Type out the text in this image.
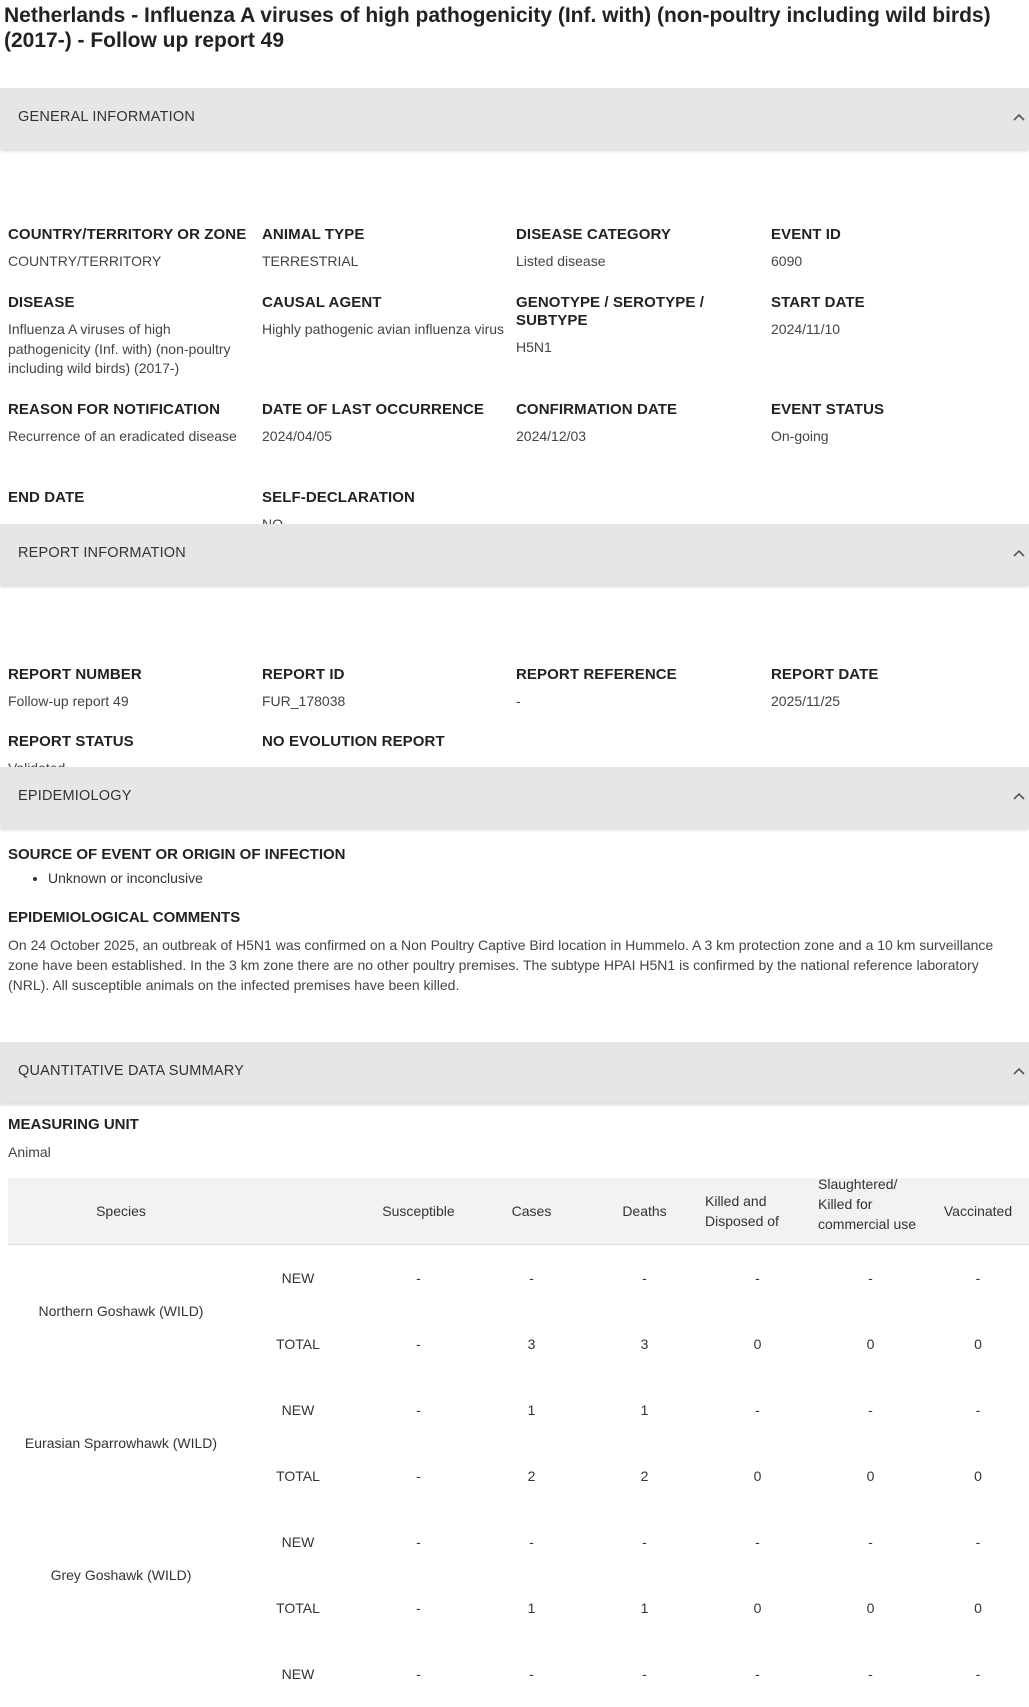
Netherlands - Influenza A viruses of high pathogenicity (Inf. with) (non-poultry including wild birds) (2017-) - Follow up report 49
GENERAL INFORMATION
COUNTRY/TERRITORY OR ZONE
COUNTRY/TERRITORY
ANIMAL TYPE
TERRESTRIAL
DISEASE CATEGORY
Listed disease
EVENT ID
6090
DISEASE
Influenza A viruses of high pathogenicity (Inf. with) (non-poultry including wild birds) (2017-)
CAUSAL AGENT
Highly pathogenic avian influenza virus
GENOTYPE / SEROTYPE / SUBTYPE
H5N1
START DATE
2024/11/10
REASON FOR NOTIFICATION
Recurrence of an eradicated disease
DATE OF LAST OCCURRENCE
2024/04/05
CONFIRMATION DATE
2024/12/03
EVENT STATUS
On-going
END DATE	SELF-DECLARATION
REPORT INFORMATION
REPORT NUMBER
Follow-up report 49
REPORT ID
FUR_178038
REPORT REFERENCE
-
REPORT DATE
2025/11/25
REPORT STATUS	NO EVOLUTION REPORT
EPIDEMIOLOGY
SOURCE OF EVENT OR ORIGIN OF INFECTION
• Unknown or inconclusive
EPIDEMIOLOGICAL COMMENTS

On 24 October 2025, an outbreak of H5N1 was confirmed on a Non Poultry Captive Bird location in Hummelo. A 3 km protection zone and a 10 km surveillance zone have been established. In the 3 km zone there are no other poultry premises. The subtype HPAI H5N1 is confirmed by the national reference laboratory (NRL). All susceptible animals on the infected premises have been killed.

QUANTITATIVE DATA SUMMARY
MEASURING UNIT

Animal

Species		Susceptible	Cases	Deaths	Killed and Disposed of	Slaughtered/ Killed for commercial use	Vaccinated
Northern Goshawk (WILD)	NEW	-	-	-	-	-	-
	TOTAL	-	3	3	0	0	0
Eurasian Sparrowhawk (WILD)	NEW	-	1	1	-	-	-
	TOTAL	-	2	2	0	0	0
Grey Goshawk (WILD)	NEW	-	-	-	-	-	-
	TOTAL	-	1	1	0	0	0
	NEW	-	-	-	-	-	-
